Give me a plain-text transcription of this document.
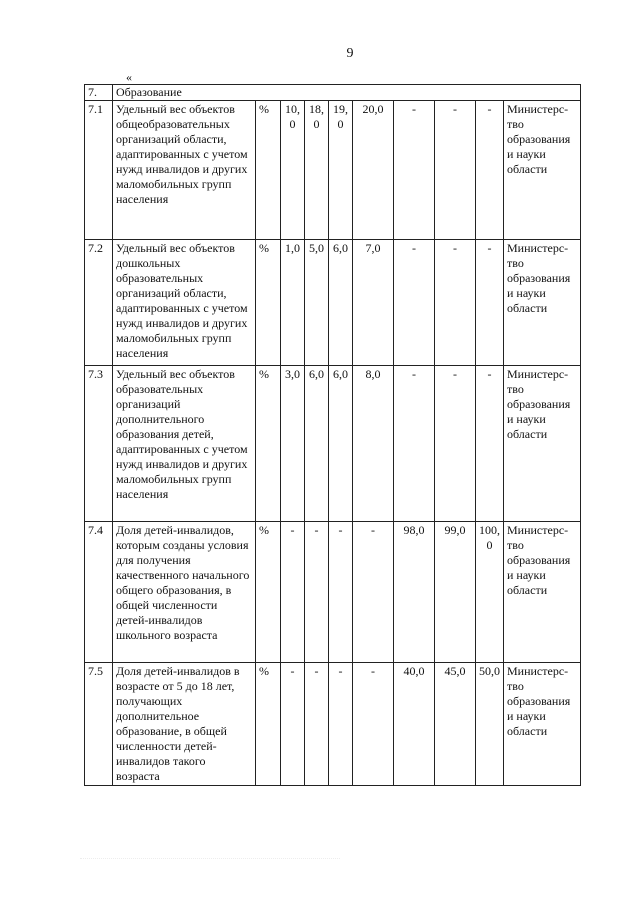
9
«
7.	Образование									
7.1	Удельный вес объектов общеобразовательных организаций области, адаптированных с учетом нужд инвалидов и других маломобильных групп населения	%	10, 0	18, 0	19, 0	20,0	-	-	-	Министерс-тво образования и науки области
7.2	Удельный вес объектов дошкольных образовательных организаций области, адаптированных с учетом нужд инвалидов и других маломобильных групп населения	%	1,0	5,0	6,0	7,0	-	-	-	Министерс-тво образования и науки области
7.3	Удельный вес объектов образовательных организаций дополнительного образования детей, адаптированных с учетом нужд инвалидов и других маломобильных групп населения	%	3,0	6,0	6,0	8,0	-	-	-	Министерс-тво образования и науки области
7.4	Доля детей-инвалидов, которым созданы условия для получения качественного начального общего образования, в общей численности детей-инвалидов школьного возраста	%	-	-	-	-	98,0	99,0	100, 0	Министерс-тво образования и науки области
7.5	Доля детей-инвалидов в возрасте от 5 до 18 лет, получающих дополнительное образование, в общей численности детей-инвалидов такого возраста	%	-	-	-	-	40,0	45,0	50,0	Министерс-тво образования и науки области
